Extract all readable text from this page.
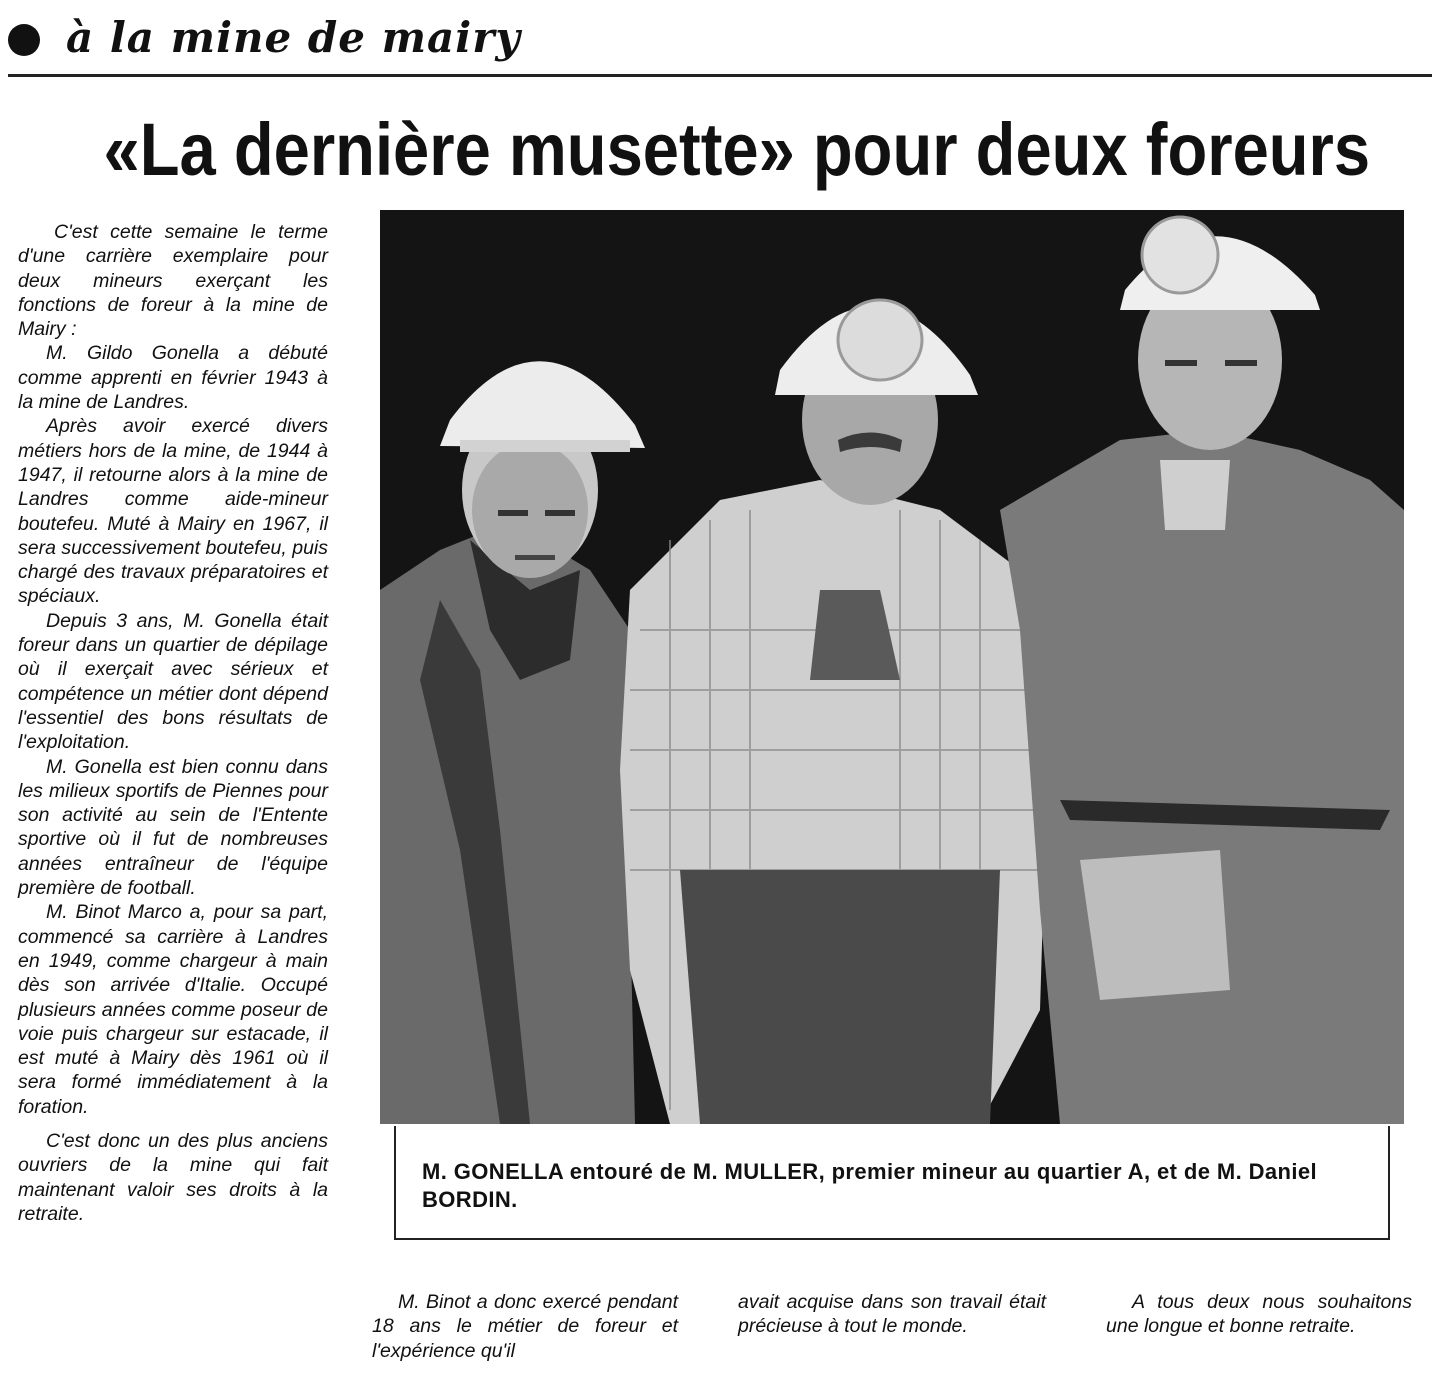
à la mine de mairy
«La dernière musette» pour deux foreurs

C'est cette semaine le terme d'une carrière exemplaire pour deux mineurs exerçant les fonctions de foreur à la mine de Mairy :

M. Gildo Gonella a débuté comme apprenti en février 1943 à la mine de Landres.

Après avoir exercé divers métiers hors de la mine, de 1944 à 1947, il retourne alors à la mine de Landres comme aide-mineur boutefeu. Muté à Mairy en 1967, il sera successivement boutefeu, puis chargé des travaux préparatoires et spéciaux.

Depuis 3 ans, M. Gonella était foreur dans un quartier de dépilage où il exerçait avec sérieux et compétence un métier dont dépend l'essentiel des bons résultats de l'exploitation.

M. Gonella est bien connu dans les milieux sportifs de Piennes pour son activité au sein de l'Entente sportive où il fut de nombreuses années entraîneur de l'équipe première de football.

M. Binot Marco a, pour sa part, commencé sa carrière à Landres en 1949, comme chargeur à main dès son arrivée d'Italie. Occupé plusieurs années comme poseur de voie puis chargeur sur estacade, il est muté à Mairy dès 1961 où il sera formé immédiatement à la foration.

C'est donc un des plus anciens ouvriers de la mine qui fait maintenant valoir ses droits à la retraite.

M. GONELLA entouré de M. MULLER, premier mineur au quartier A, et de M. Daniel BORDIN.

M. Binot a donc exercé pendant 18 ans le métier de foreur et l'expérience qu'il

avait acquise dans son travail était précieuse à tout le monde.

A tous deux nous souhaitons une longue et bonne retraite.
